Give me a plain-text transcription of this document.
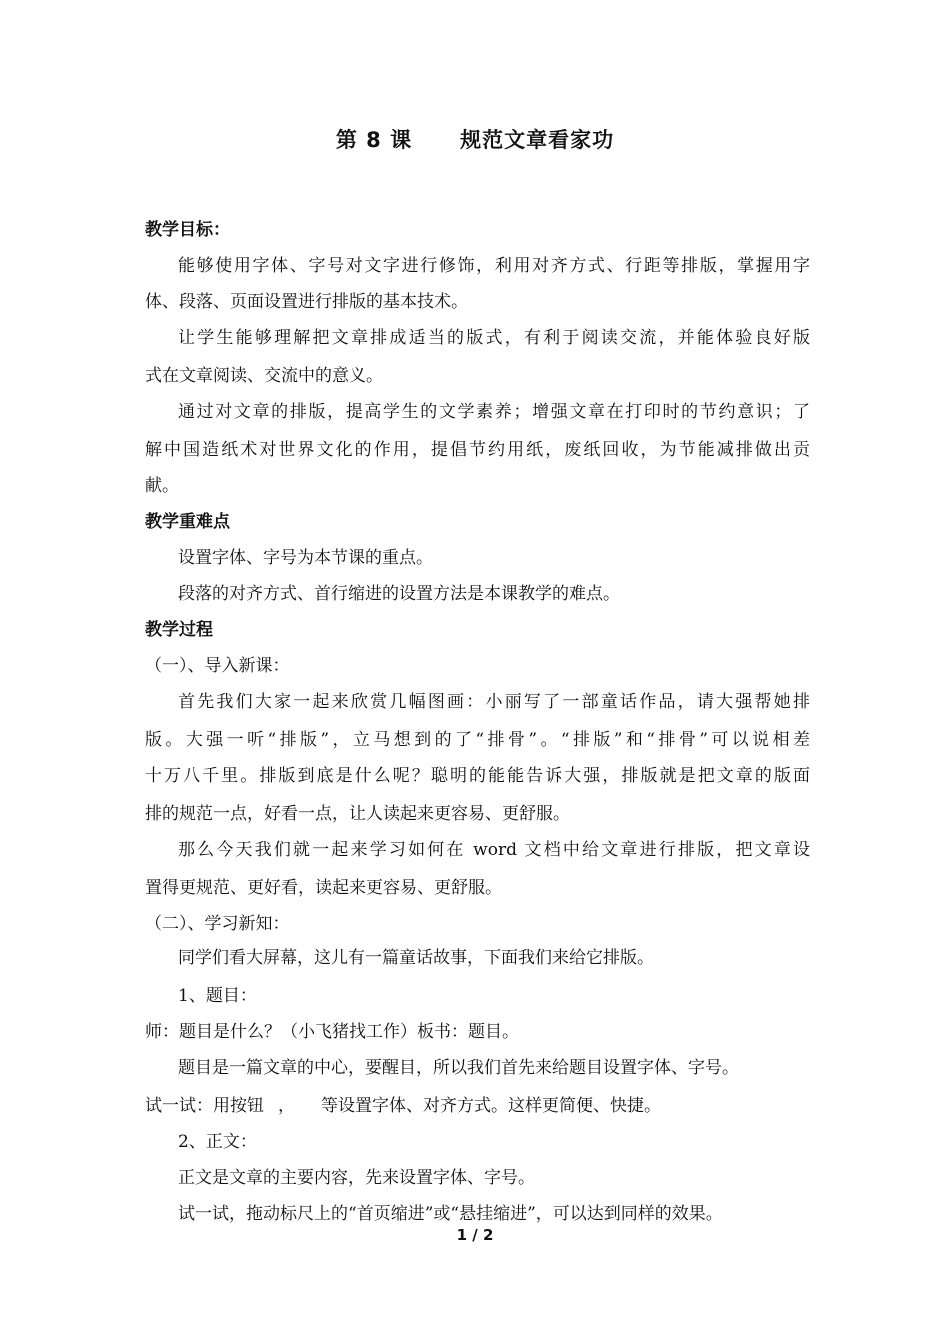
第 8 课 规范文章看家功
教学目标：
能够使用字体、字号对文字进行修饰，利用对齐方式、行距等排版，掌握用字
体、段落、页面设置进行排版的基本技术。
让学生能够理解把文章排成适当的版式，有利于阅读交流，并能体验良好版
式在文章阅读、交流中的意义。
通过对文章的排版，提高学生的文学素养；增强文章在打印时的节约意识；了
解中国造纸术对世界文化的作用，提倡节约用纸，废纸回收，为节能减排做出贡
献。
教学重难点
设置字体、字号为本节课的重点。
段落的对齐方式、首行缩进的设置方法是本课教学的难点。
教学过程
（一）、导入新课：
首先我们大家一起来欣赏几幅图画：小丽写了一部童话作品，请大强帮她排
版。大强一听“排版”，立马想到的了“排骨”。“排版”和“排骨”可以说相差
十万八千里。排版到底是什么呢？聪明的能能告诉大强，排版就是把文章的版面
排的规范一点，好看一点，让人读起来更容易、更舒服。
那么今天我们就一起来学习如何在 word 文档中给文章进行排版，把文章设
置得更规范、更好看，读起来更容易、更舒服。
（二）、学习新知：
同学们看大屏幕，这儿有一篇童话故事，下面我们来给它排版。
1、题目：
师：题目是什么？（小飞猪找工作）板书：题目。
题目是一篇文章的中心，要醒目，所以我们首先来给题目设置字体、字号。
试一试：用按钮 ， 等设置字体、对齐方式。这样更简便、快捷。
2、正文：
正文是文章的主要内容，先来设置字体、字号。
试一试，拖动标尺上的“首页缩进”或“悬挂缩进”，可以达到同样的效果。
1 / 2
